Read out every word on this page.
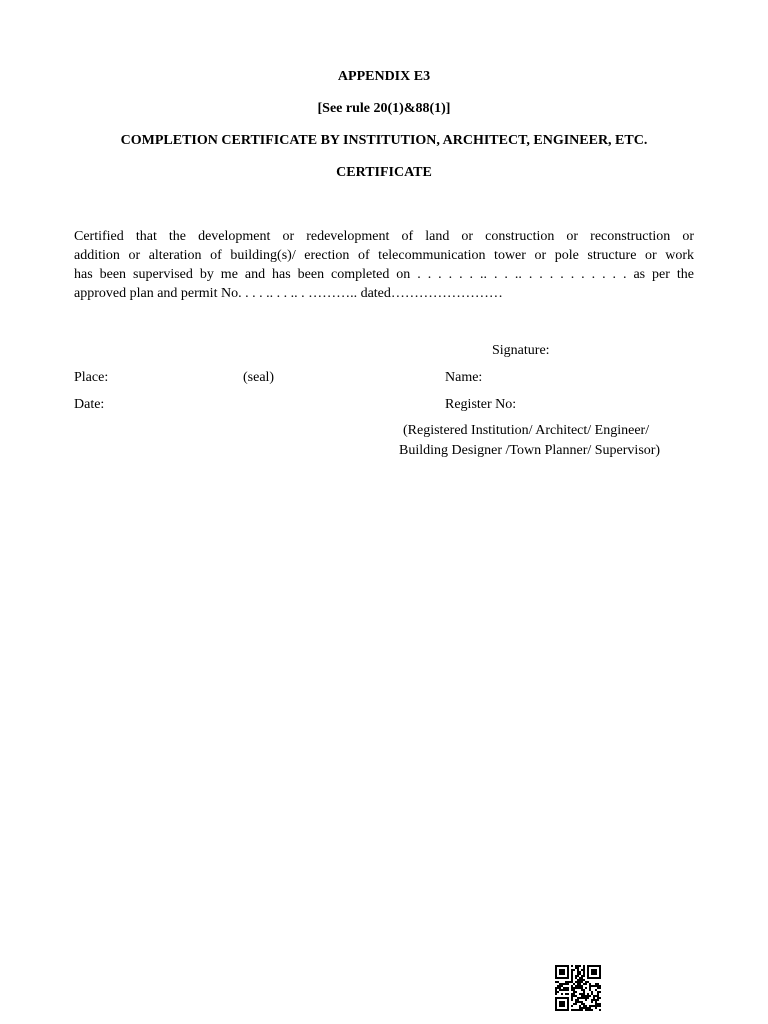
APPENDIX E3
[See rule 20(1)&88(1)]
COMPLETION CERTIFICATE BY INSTITUTION, ARCHITECT, ENGINEER, ETC.
CERTIFICATE
Certified that the development or redevelopment of land or construction or reconstruction or
addition or alteration of building(s)/ erection of telecommunication tower or pole structure or work
has been supervised by me and has been completed on . . . . . . .. . . .. . . . . . . . . . . as per the
approved plan and permit No. . . . .. . . .. . ……….. dated……………………
Signature:
Place:	(seal)	Name:
Date:	Register No:
(Registered Institution/ Architect/ Engineer/
Building Designer /Town Planner/ Supervisor)
